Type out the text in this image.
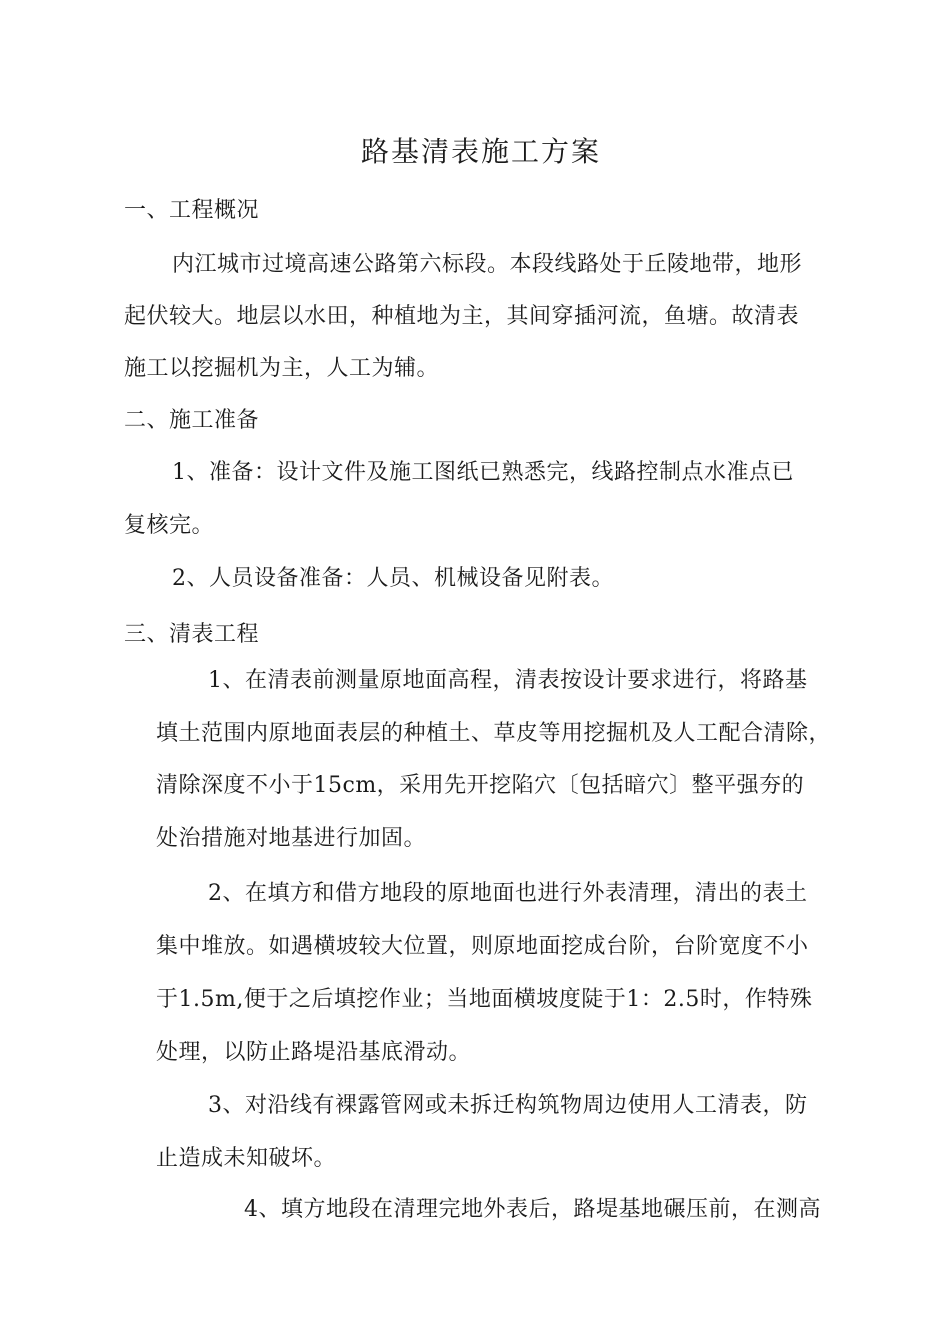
路基清表施工方案
一、工程概况
内江城市过境高速公路第六标段。本段线路处于丘陵地带，地形
起伏较大。地层以水田，种植地为主，其间穿插河流，鱼塘。故清表
施工以挖掘机为主，人工为辅。
二、施工准备
1、准备：设计文件及施工图纸已熟悉完，线路控制点水准点已
复核完。
2、人员设备准备：人员、机械设备见附表。
三、清表工程
1、在清表前测量原地面高程，清表按设计要求进行，将路基
填土范围内原地面表层的种植土、草皮等用挖掘机及人工配合清除，
清除深度不小于15cm，采用先开挖陷穴〔包括暗穴〕整平强夯的
处治措施对地基进行加固。
2、在填方和借方地段的原地面也进行外表清理，清出的表土
集中堆放。如遇横坡较大位置，则原地面挖成台阶，台阶宽度不小
于1.5m,便于之后填挖作业；当地面横坡度陡于1：2.5时，作特殊
处理，以防止路堤沿基底滑动。
3、对沿线有裸露管网或未拆迁构筑物周边使用人工清表，防
止造成未知破坏。
4、填方地段在清理完地外表后，路堤基地碾压前，在测高
